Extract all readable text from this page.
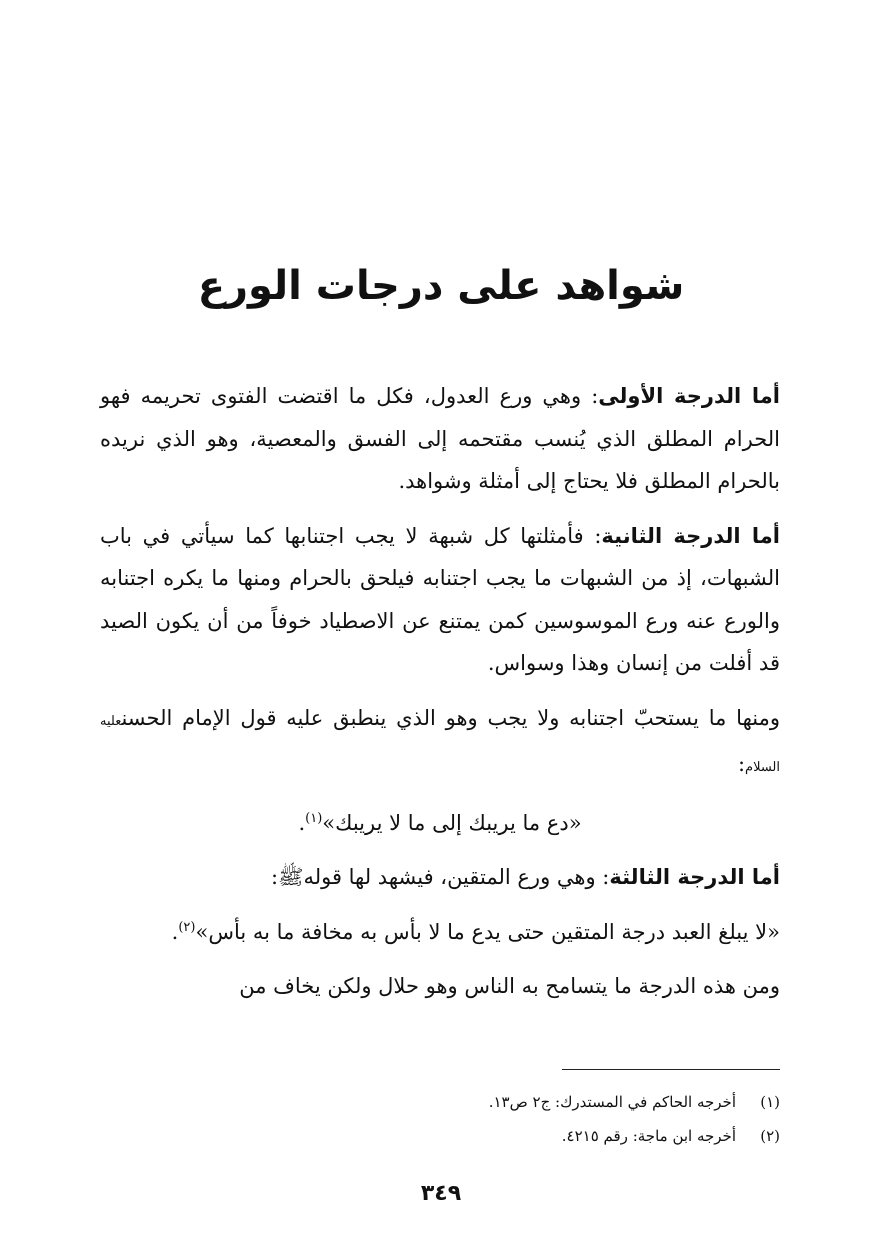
شواهد على درجات الورع

أما الدرجة الأولى: وهي ورع العدول، فكل ما اقتضت الفتوى تحريمه فهو الحرام المطلق الذي يُنسب مقتحمه إلى الفسق والمعصية، وهو الذي نريده بالحرام المطلق فلا يحتاج إلى أمثلة وشواهد.

أما الدرجة الثانية: فأمثلتها كل شبهة لا يجب اجتنابها كما سيأتي في باب الشبهات، إذ من الشبهات ما يجب اجتنابه فيلحق بالحرام ومنها ما يكره اجتنابه والورع عنه ورع الموسوسين كمن يمتنع عن الاصطياد خوفاً من أن يكون الصيد قد أفلت من إنسان وهذا وسواس.

ومنها ما يستحبّ اجتنابه ولا يجب وهو الذي ينطبق عليه قول الإمام الحسنعليه السلام:

«دع ما يريبك إلى ما لا يريبك»$^{(١)}$.

أما الدرجة الثالثة: وهي ورع المتقين، فيشهد لها قولهﷺ:

«لا يبلغ العبد درجة المتقين حتى يدع ما لا بأس به مخافة ما به بأس»$^{(٢)}$.

ومن هذه الدرجة ما يتسامح به الناس وهو حلال ولكن يخاف من

(١)أخرجه الحاكم في المستدرك: ج٢ ص١٣.

(٢)أخرجه ابن ماجة: رقم ٤٢١٥.

٣٤٩
